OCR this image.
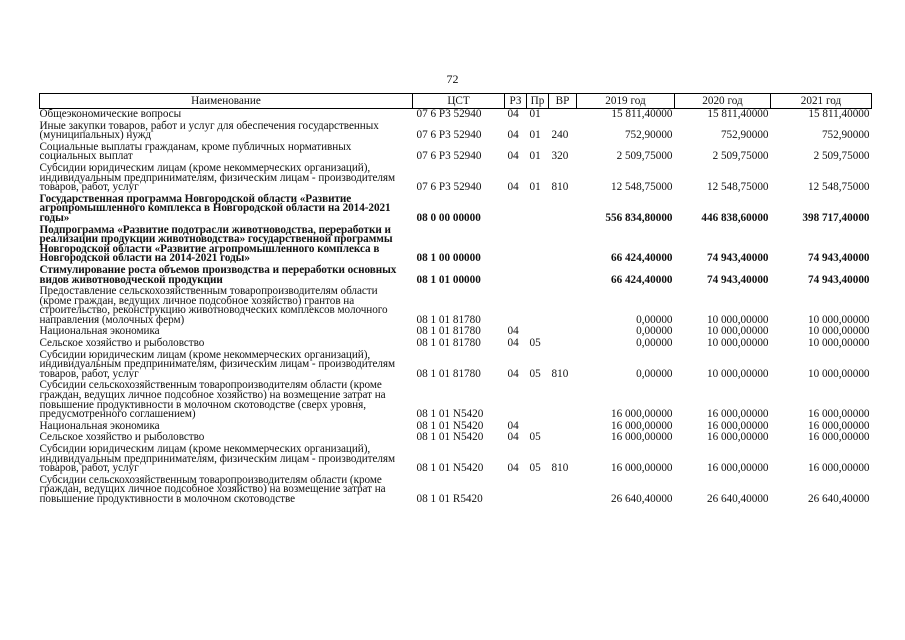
72
Наименование	ЦСТ	РЗ	Пр	ВР	2019 год	2020 год	2021 год
Общеэкономические вопросы	07 6 Р3 52940	04	01		15 811,40000	15 811,40000	15 811,40000
Иные закупки товаров, работ и услуг для обеспечения государственных (муниципальных) нужд	07 6 Р3 52940	04	01	240	752,90000	752,90000	752,90000
Социальные выплаты гражданам, кроме публичных нормативных социальных выплат	07 6 Р3 52940	04	01	320	2 509,75000	2 509,75000	2 509,75000
Субсидии юридическим лицам (кроме некоммерческих организаций), индивидуальным предпринимателям, физическим лицам - производителям товаров, работ, услуг	07 6 Р3 52940	04	01	810	12 548,75000	12 548,75000	12 548,75000
Государственная программа Новгородской области «Развитие агропромышленного комплекса в Новгородской области на 2014-2021 годы»	08 0 00 00000				556 834,80000	446 838,60000	398 717,40000
Подпрограмма «Развитие подотрасли животноводства, переработки и реализации продукции животноводства» государственной программы Новгородской области «Развитие агропромышленного комплекса в Новгородской области на 2014-2021 годы»	08 1 00 00000				66 424,40000	74 943,40000	74 943,40000
Стимулирование роста объемов производства и переработки основных видов животноводческой продукции	08 1 01 00000				66 424,40000	74 943,40000	74 943,40000
Предоставление сельскохозяйственным товаропроизводителям области (кроме граждан, ведущих личное подсобное хозяйство) грантов на строительство, реконструкцию животноводческих комплексов молочного направления (молочных ферм)	08 1 01 81780				0,00000	10 000,00000	10 000,00000
Национальная экономика	08 1 01 81780	04			0,00000	10 000,00000	10 000,00000
Сельское хозяйство и рыболовство	08 1 01 81780	04	05		0,00000	10 000,00000	10 000,00000
Субсидии юридическим лицам (кроме некоммерческих организаций), индивидуальным предпринимателям, физическим лицам - производителям товаров, работ, услуг	08 1 01 81780	04	05	810	0,00000	10 000,00000	10 000,00000
Субсидии сельскохозяйственным товаропроизводителям области (кроме граждан, ведущих личное подсобное хозяйство) на возмещение затрат на повышение продуктивности в молочном скотоводстве (сверх уровня, предусмотренного соглашением)	08 1 01 N5420				16 000,00000	16 000,00000	16 000,00000
Национальная экономика	08 1 01 N5420	04			16 000,00000	16 000,00000	16 000,00000
Сельское хозяйство и рыболовство	08 1 01 N5420	04	05		16 000,00000	16 000,00000	16 000,00000
Субсидии юридическим лицам (кроме некоммерческих организаций), индивидуальным предпринимателям, физическим лицам - производителям товаров, работ, услуг	08 1 01 N5420	04	05	810	16 000,00000	16 000,00000	16 000,00000
Субсидии сельскохозяйственным товаропроизводителям области (кроме граждан, ведущих личное подсобное хозяйство) на возмещение затрат на повышение продуктивности в молочном скотоводстве	08 1 01 R5420				26 640,40000	26 640,40000	26 640,40000
